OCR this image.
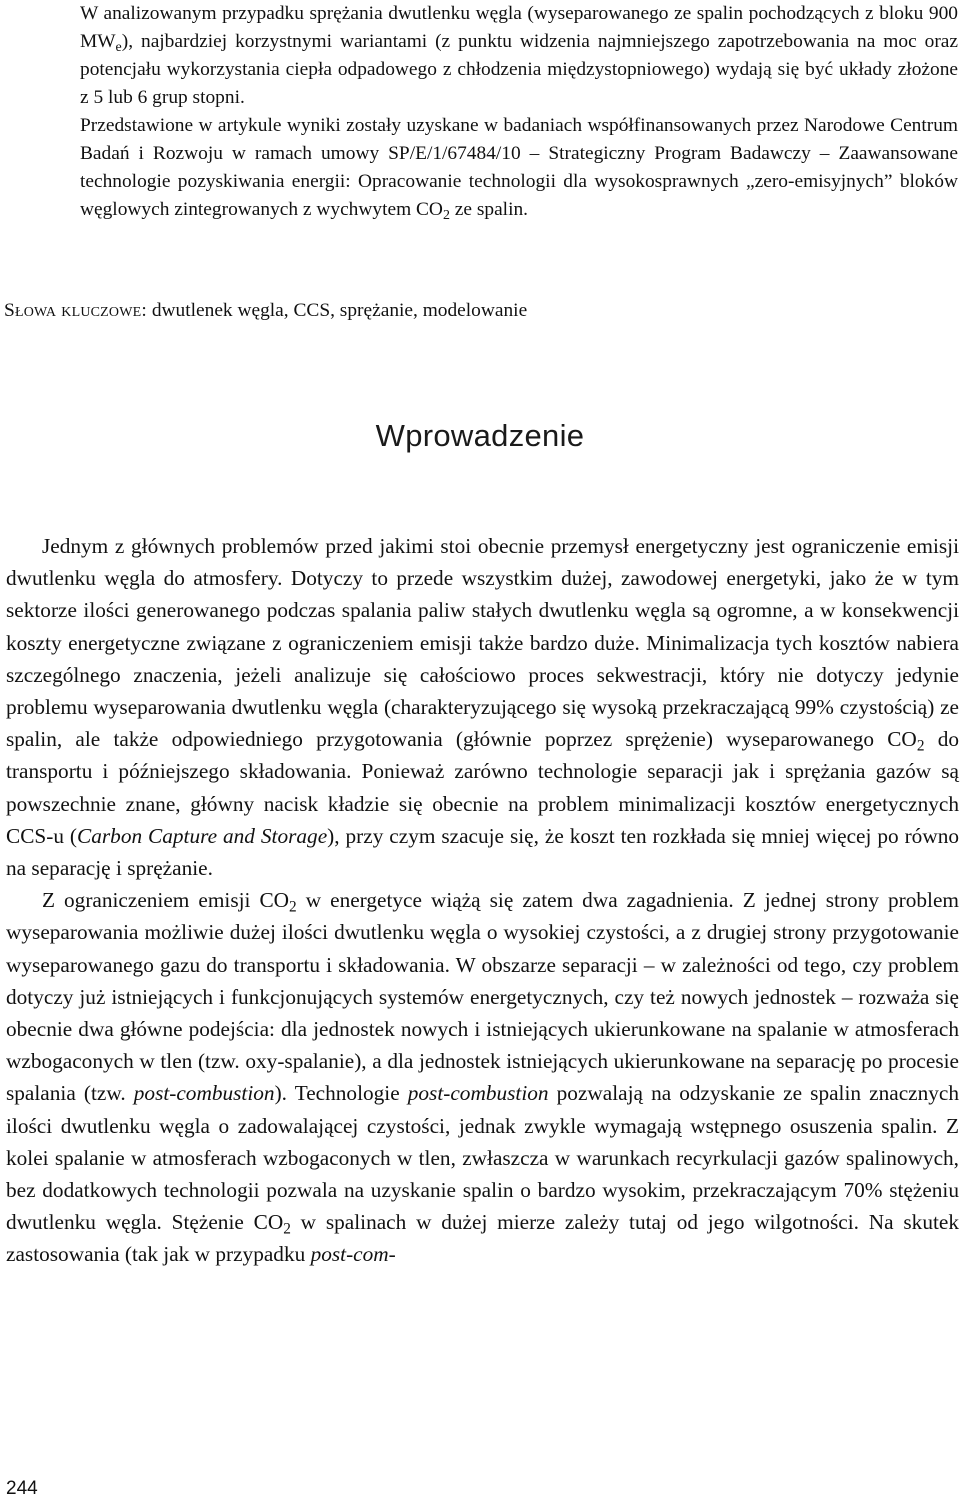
W analizowanym przypadku sprężania dwutlenku węgla (wyseparowanego ze spalin pochodzących z bloku 900 $MW_e$), najbardziej korzystnymi wariantami (z punktu widzenia najmniejszego zapotrzebowania na moc oraz potencjału wykorzystania ciepła odpadowego z chłodzenia międzystopniowego) wydają się być układy złożone z 5 lub 6 grup stopni.

Przedstawione w artykule wyniki zostały uzyskane w badaniach współfinansowanych przez Narodowe Centrum Badań i Rozwoju w ramach umowy SP/E/1/67484/10 – Strategiczny Program Badawczy – Zaawansowane technologie pozyskiwania energii: Opracowanie technologii dla wysokosprawnych „zero-emisyjnych” bloków węglowych zintegrowanych z wychwytem $CO_2$ ze spalin.

Słowa kluczowe: dwutlenek węgla, CCS, sprężanie, modelowanie

Wprowadzenie

Jednym z głównych problemów przed jakimi stoi obecnie przemysł energetyczny jest ograniczenie emisji dwutlenku węgla do atmosfery. Dotyczy to przede wszystkim dużej, zawodowej energetyki, jako że w tym sektorze ilości generowanego podczas spalania paliw stałych dwutlenku węgla są ogromne, a w konsekwencji koszty energetyczne związane z ograniczeniem emisji także bardzo duże. Minimalizacja tych kosztów nabiera szczególnego znaczenia, jeżeli analizuje się całościowo proces sekwestracji, który nie dotyczy jedynie problemu wyseparowania dwutlenku węgla (charakteryzującego się wysoką przekraczającą 99% czystością) ze spalin, ale także odpowiedniego przygotowania (głównie poprzez sprężenie) wyseparowanego $CO_2$ do transportu i późniejszego składowania. Ponieważ zarówno technologie separacji jak i sprężania gazów są powszechnie znane, główny nacisk kładzie się obecnie na problem minimalizacji kosztów energetycznych CCS-u (Carbon Capture and Storage), przy czym szacuje się, że koszt ten rozkłada się mniej więcej po równo na separację i sprężanie.

Z ograniczeniem emisji $CO_2$ w energetyce wiążą się zatem dwa zagadnienia. Z jednej strony problem wyseparowania możliwie dużej ilości dwutlenku węgla o wysokiej czystości, a z drugiej strony przygotowanie wyseparowanego gazu do transportu i składowania. W obszarze separacji – w zależności od tego, czy problem dotyczy już istniejących i funkcjonujących systemów energetycznych, czy też nowych jednostek – rozważa się obecnie dwa główne podejścia: dla jednostek nowych i istniejących ukierunkowane na spalanie w atmosferach wzbogaconych w tlen (tzw. oxy-spalanie), a dla jednostek istniejących ukierunkowane na separację po procesie spalania (tzw. post-combustion). Technologie post-combustion pozwalają na odzyskanie ze spalin znacznych ilości dwutlenku węgla o zadowalającej czystości, jednak zwykle wymagają wstępnego osuszenia spalin. Z kolei spalanie w atmosferach wzbogaconych w tlen, zwłaszcza w warunkach recyrkulacji gazów spalinowych, bez dodatkowych technologii pozwala na uzyskanie spalin o bardzo wysokim, przekraczającym 70% stężeniu dwutlenku węgla. Stężenie $CO_2$ w spalinach w dużej mierze zależy tutaj od jego wilgotności. Na skutek zastosowania (tak jak w przypadku post-com-

244
